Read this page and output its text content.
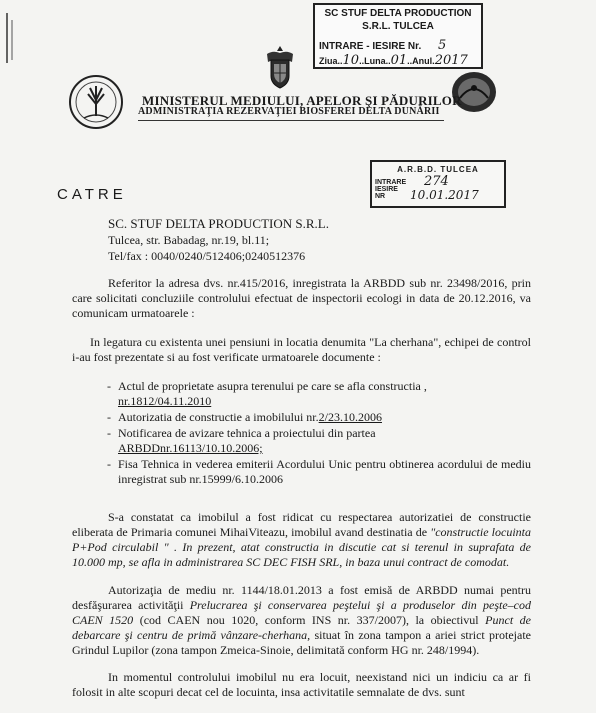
SC STUF DELTA PRODUCTION
S.R.L. TULCEA
INTRARE - IESIRE Nr. 5
Ziua..10..Luna..01..Anul.2017
MINISTERUL MEDIULUI, APELOR ŞI PĂDURILOR
ADMINISTRAŢIA REZERVAŢIEI BIOSFEREI DELTA DUNĂRII
A.R.B.D. TULCEA
INTRARE IESIRE NR
274
10.01.2017
CATRE
SC. STUF DELTA PRODUCTION S.R.L.
Tulcea, str. Babadag, nr.19, bl.11;
Tel/fax : 0040/0240/512406;0240512376

Referitor la adresa dvs. nr.415/2016, inregistrata la ARBDD sub nr. 23498/2016, prin care solicitati concluziile controlului efectuat de inspectorii ecologi in data de 20.12.2016, va comunicam urmatoarele :

In legatura cu existenta unei pensiuni in locatia denumita "La cherhana", echipei de control i-au fost prezentate si au fost verificate urmatoarele documente :

- Actul de proprietate asupra terenului pe care se afla constructia ,
nr.1812/04.11.2010
- Autorizatia de constructie a imobilului nr.2/23.10.2006
- Notificarea de avizare tehnica a proiectului din partea
ARBDDnr.16113/10.10.2006;
- Fisa Tehnica in vederea emiterii Acordului Unic pentru obtinerea acordului de mediu inregistrat sub nr.15999/6.10.2006

S-a constatat ca imobilul a fost ridicat cu respectarea autorizatiei de constructie eliberata de Primaria comunei MihaiViteazu, imobilul avand destinatia de "constructie locuinta P+Pod circulabil " . In prezent, atat constructia in discutie cat si terenul in suprafata de 10.000 mp, se afla in administrarea SC DEC FISH SRL, in baza unui contract de comodat.

Autorizaţia de mediu nr. 1144/18.01.2013 a fost emisă de ARBDD numai pentru desfăşurarea activităţii Prelucrarea şi conservarea peştelui şi a produselor din peşte–cod CAEN 1520 (cod CAEN nou 1020, conform INS nr. 337/2007), la obiectivul Punct de debarcare şi centru de primă vânzare-cherhana, situat în zona tampon a ariei strict protejate Grindul Lupilor (zona tampon Zmeica-Sinoie, delimitată conform HG nr. 248/1994).

In momentul controlului imobilul nu era locuit, neexistand nici un indiciu ca ar fi folosit in alte scopuri decat cel de locuinta, insa activitatile semnalate de dvs. sunt
